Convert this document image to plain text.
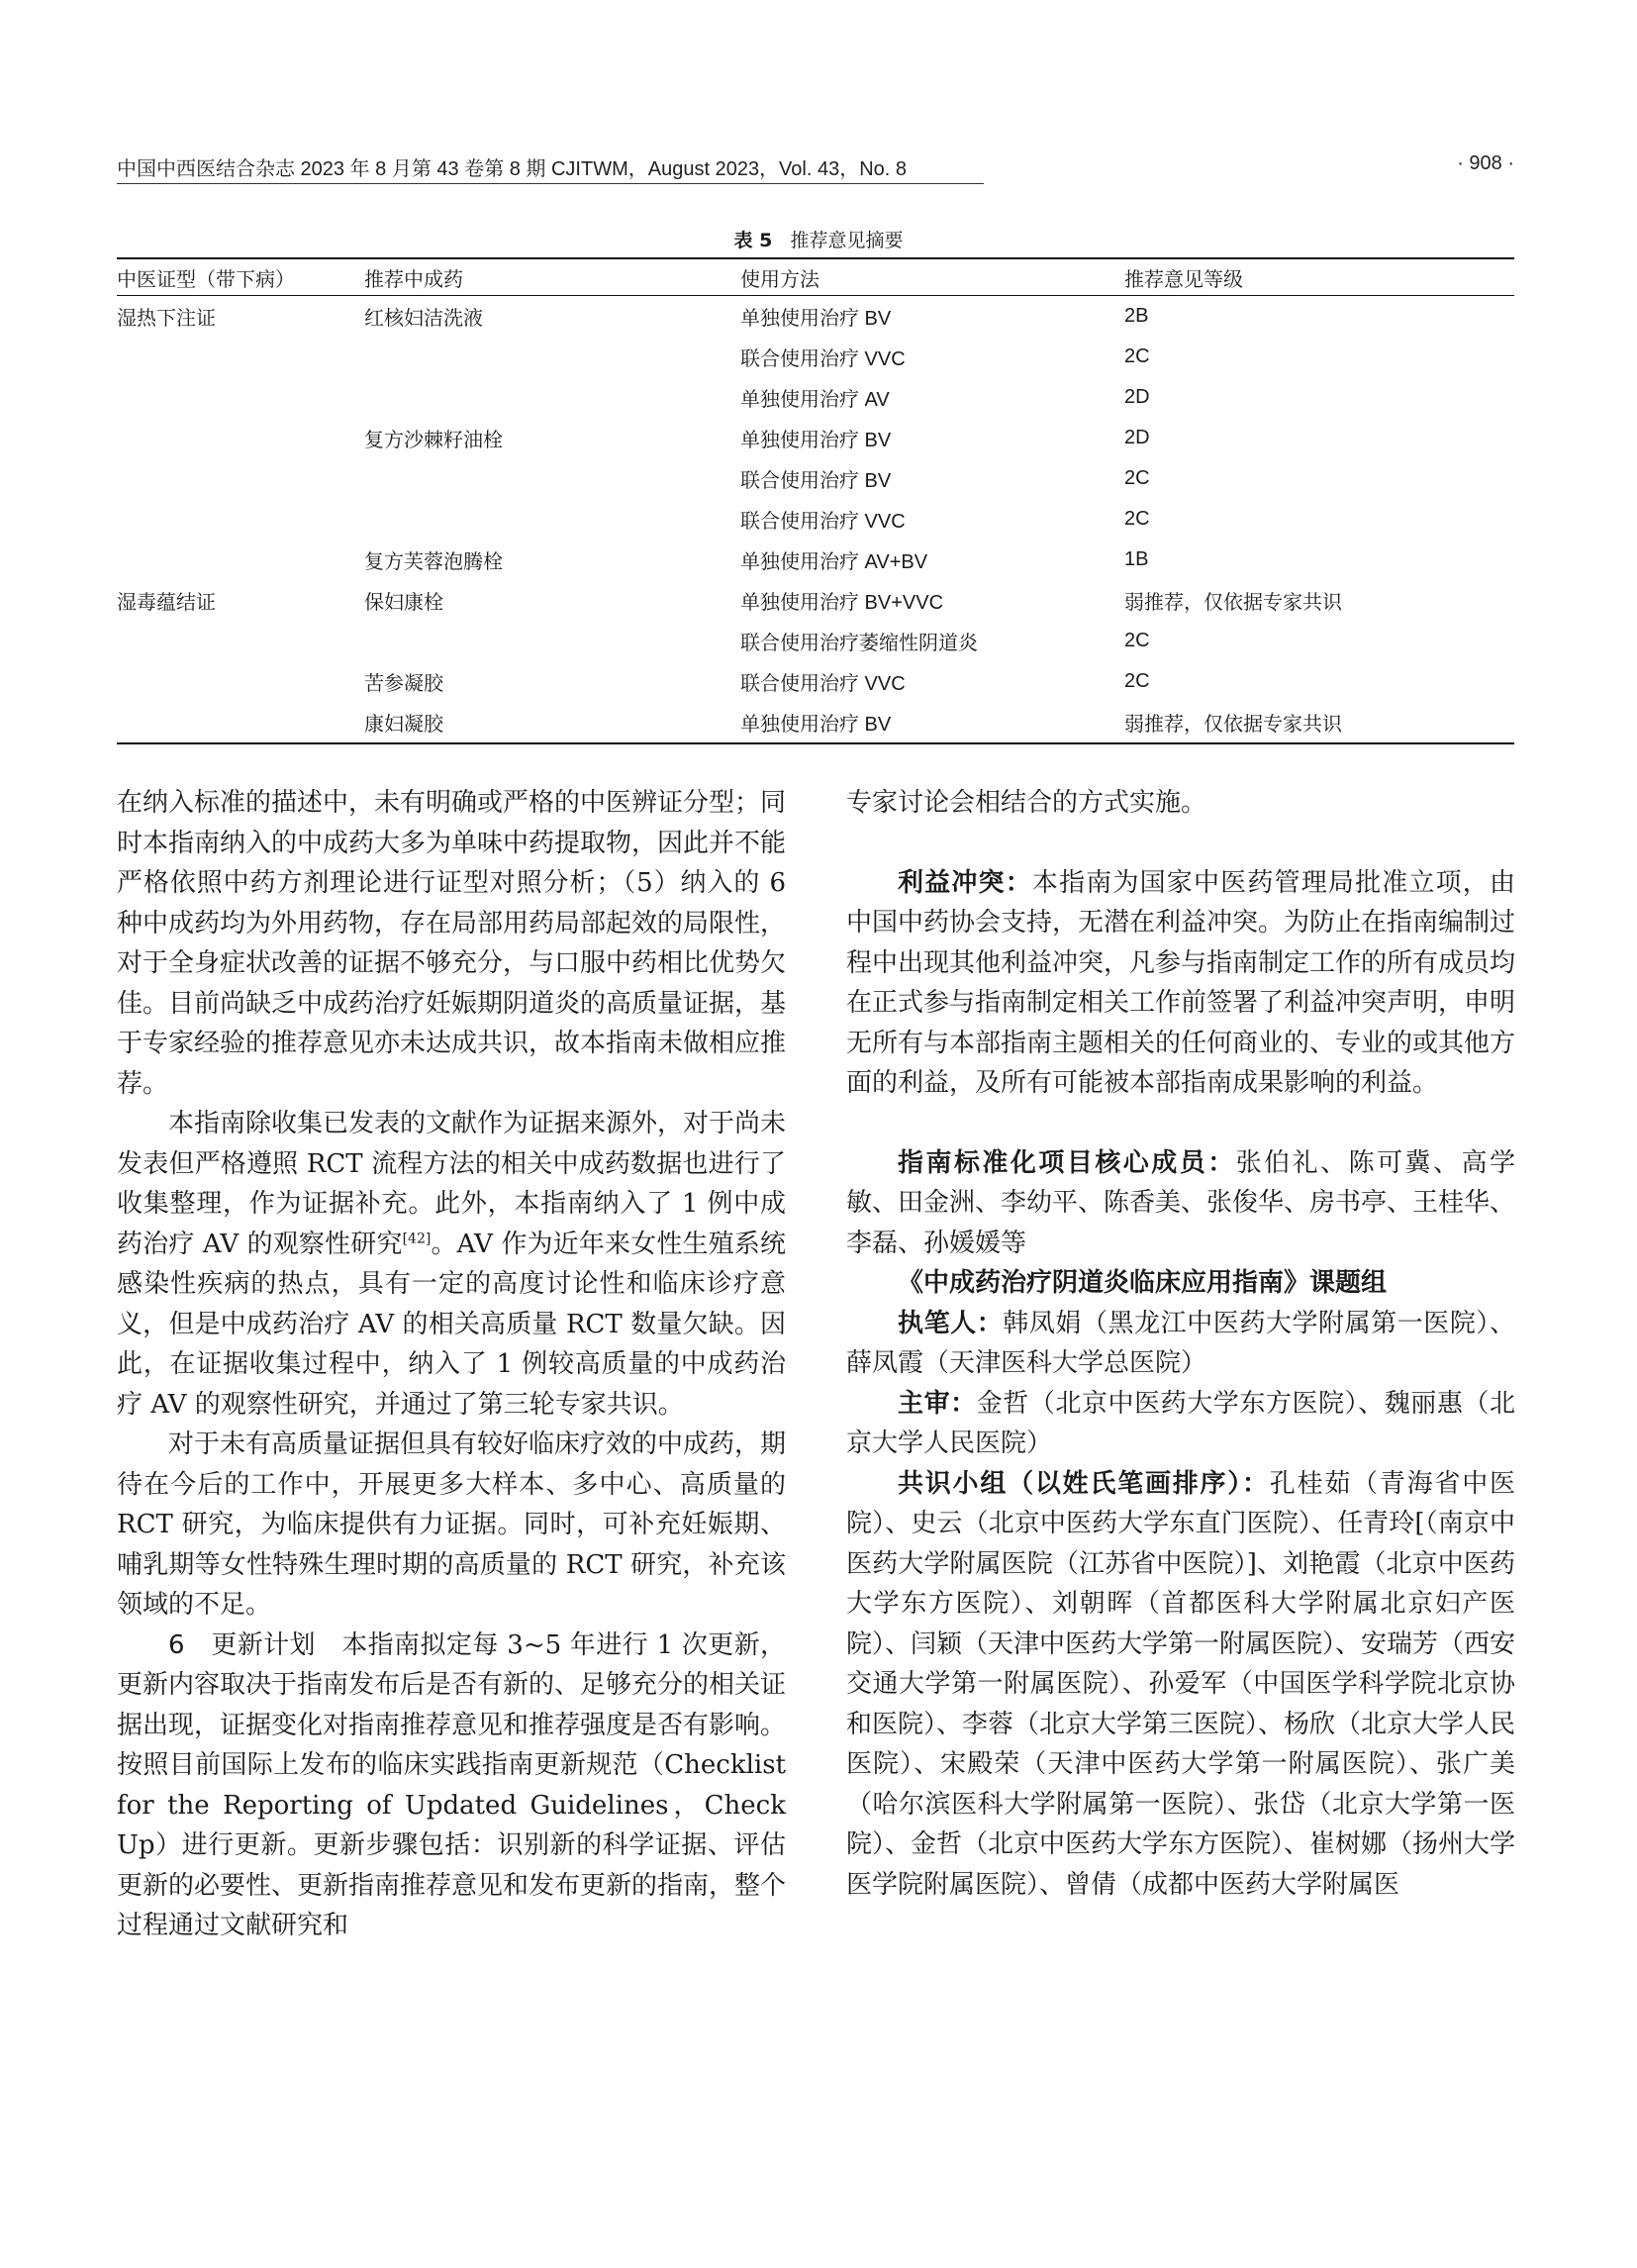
中国中西医结合杂志 2023 年 8 月第 43 卷第 8 期 CJITWM，August 2023，Vol. 43，No. 8	· 908 ·
表 5 推荐意见摘要
中医证型（带下病）	推荐中成药	使用方法	推荐意见等级
湿热下注证	红核妇洁洗液	单独使用治疗 BV	2B
		联合使用治疗 VVC	2C
		单独使用治疗 AV	2D
	复方沙棘籽油栓	单独使用治疗 BV	2D
		联合使用治疗 BV	2C
		联合使用治疗 VVC	2C
	复方芙蓉泡腾栓	单独使用治疗 AV+BV	1B
湿毒蕴结证	保妇康栓	单独使用治疗 BV+VVC	弱推荐，仅依据专家共识
		联合使用治疗萎缩性阴道炎	2C
	苦参凝胶	联合使用治疗 VVC	2C
	康妇凝胶	单独使用治疗 BV	弱推荐，仅依据专家共识

在纳入标准的描述中，未有明确或严格的中医辨证分型；同时本指南纳入的中成药大多为单味中药提取物，因此并不能严格依照中药方剂理论进行证型对照分析；（5）纳入的 6 种中成药均为外用药物，存在局部用药局部起效的局限性，对于全身症状改善的证据不够充分，与口服中药相比优势欠佳。目前尚缺乏中成药治疗妊娠期阴道炎的高质量证据，基于专家经验的推荐意见亦未达成共识，故本指南未做相应推荐。

本指南除收集已发表的文献作为证据来源外，对于尚未发表但严格遵照 RCT 流程方法的相关中成药数据也进行了收集整理，作为证据补充。此外，本指南纳入了 1 例中成药治疗 AV 的观察性研究[42]。AV 作为近年来女性生殖系统感染性疾病的热点，具有一定的高度讨论性和临床诊疗意义，但是中成药治疗 AV 的相关高质量 RCT 数量欠缺。因此，在证据收集过程中，纳入了 1 例较高质量的中成药治疗 AV 的观察性研究，并通过了第三轮专家共识。

对于未有高质量证据但具有较好临床疗效的中成药，期待在今后的工作中，开展更多大样本、多中心、高质量的 RCT 研究，为临床提供有力证据。同时，可补充妊娠期、哺乳期等女性特殊生理时期的高质量的 RCT 研究，补充该领域的不足。

6　更新计划　本指南拟定每 3~5 年进行 1 次更新，更新内容取决于指南发布后是否有新的、足够充分的相关证据出现，证据变化对指南推荐意见和推荐强度是否有影响。按照目前国际上发布的临床实践指南更新规范（Checklist for the Reporting of Updated Guidelines，Check Up）进行更新。更新步骤包括：识别新的科学证据、评估更新的必要性、更新指南推荐意见和发布更新的指南，整个过程通过文献研究和

专家讨论会相结合的方式实施。

利益冲突：本指南为国家中医药管理局批准立项，由中国中药协会支持，无潜在利益冲突。为防止在指南编制过程中出现其他利益冲突，凡参与指南制定工作的所有成员均在正式参与指南制定相关工作前签署了利益冲突声明，申明无所有与本部指南主题相关的任何商业的、专业的或其他方面的利益，及所有可能被本部指南成果影响的利益。

指南标准化项目核心成员：张伯礼、陈可冀、高学敏、田金洲、李幼平、陈香美、张俊华、房书亭、王桂华、李磊、孙媛媛等

《中成药治疗阴道炎临床应用指南》课题组

执笔人：韩凤娟（黑龙江中医药大学附属第一医院）、薛凤霞（天津医科大学总医院）

主审：金哲（北京中医药大学东方医院）、魏丽惠（北京大学人民医院）

共识小组（以姓氏笔画排序）：孔桂茹（青海省中医院）、史云（北京中医药大学东直门医院）、任青玲[（南京中医药大学附属医院（江苏省中医院）]、刘艳霞（北京中医药大学东方医院）、刘朝晖（首都医科大学附属北京妇产医院）、闫颖（天津中医药大学第一附属医院）、安瑞芳（西安交通大学第一附属医院）、孙爱军（中国医学科学院北京协和医院）、李蓉（北京大学第三医院）、杨欣（北京大学人民医院）、宋殿荣（天津中医药大学第一附属医院）、张广美（哈尔滨医科大学附属第一医院）、张岱（北京大学第一医院）、金哲（北京中医药大学东方医院）、崔树娜（扬州大学医学院附属医院）、曾倩（成都中医药大学附属医
